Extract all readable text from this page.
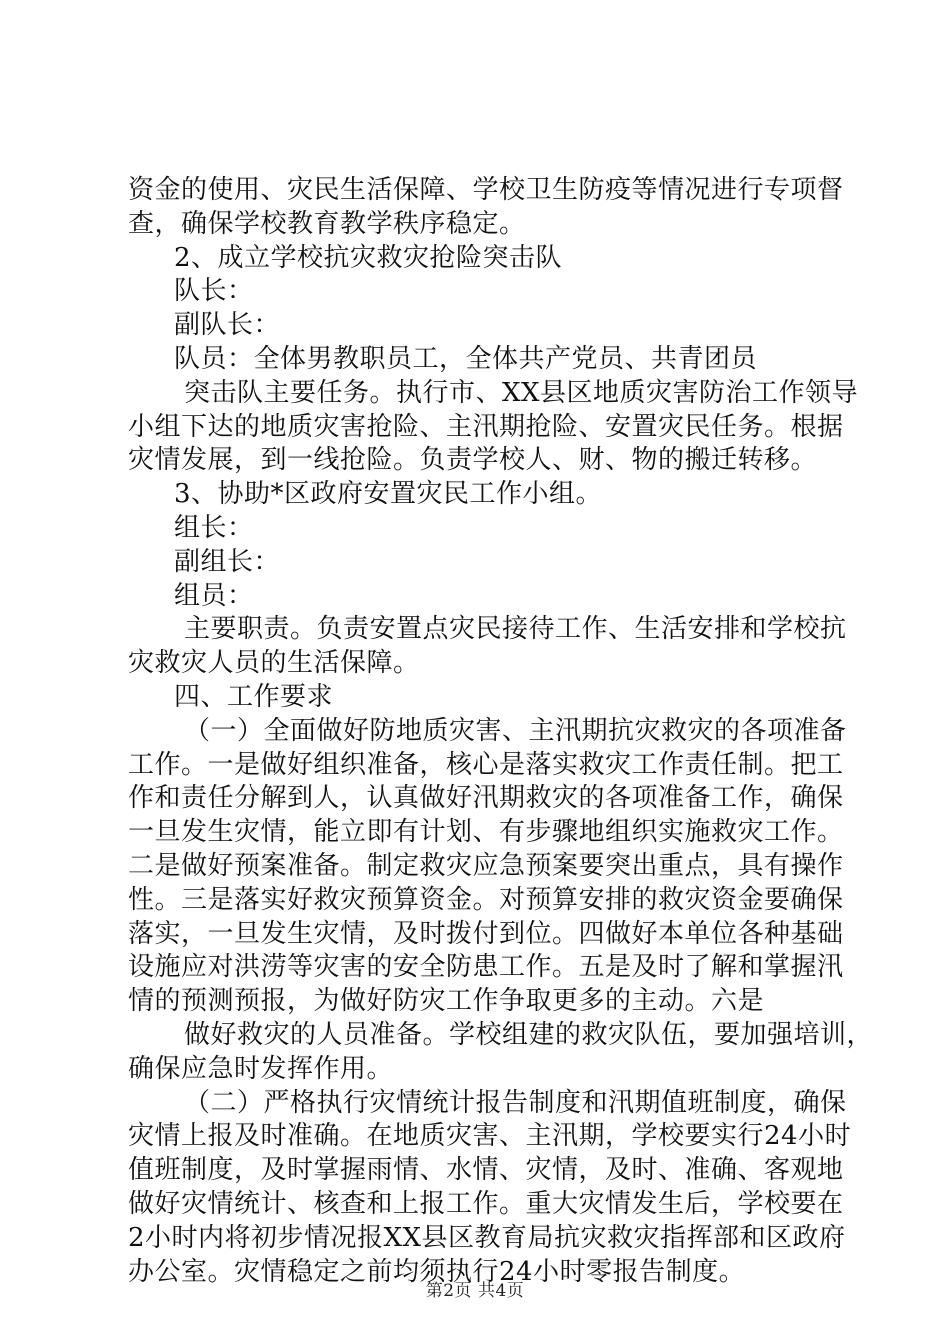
资金的使用、灾民生活保障、学校卫生防疫等情况进行专项督
查，确保学校教育教学秩序稳定。
2、成立学校抗灾救灾抢险突击队
队长：
副队长：
队员：全体男教职员工，全体共产党员、共青团员
突击队主要任务。执行市、XX县区地质灾害防治工作领导
小组下达的地质灾害抢险、主汛期抢险、安置灾民任务。根据
灾情发展，到一线抢险。负责学校人、财、物的搬迁转移。
3、协助*区政府安置灾民工作小组。
组长：
副组长：
组员：
主要职责。负责安置点灾民接待工作、生活安排和学校抗
灾救灾人员的生活保障。
四、工作要求
（一）全面做好防地质灾害、主汛期抗灾救灾的各项准备
工作。一是做好组织准备，核心是落实救灾工作责任制。把工
作和责任分解到人，认真做好汛期救灾的各项准备工作，确保
一旦发生灾情，能立即有计划、有步骤地组织实施救灾工作。
二是做好预案准备。制定救灾应急预案要突出重点，具有操作
性。三是落实好救灾预算资金。对预算安排的救灾资金要确保
落实，一旦发生灾情，及时拨付到位。四做好本单位各种基础
设施应对洪涝等灾害的安全防患工作。五是及时了解和掌握汛
情的预测预报，为做好防灾工作争取更多的主动。六是
做好救灾的人员准备。学校组建的救灾队伍，要加强培训，
确保应急时发挥作用。
（二）严格执行灾情统计报告制度和汛期值班制度，确保
灾情上报及时准确。在地质灾害、主汛期，学校要实行24小时
值班制度，及时掌握雨情、水情、灾情，及时、准确、客观地
做好灾情统计、核查和上报工作。重大灾情发生后，学校要在
2小时内将初步情况报XX县区教育局抗灾救灾指挥部和区政府
办公室。灾情稳定之前均须执行24小时零报告制度。
第2页 共4页
